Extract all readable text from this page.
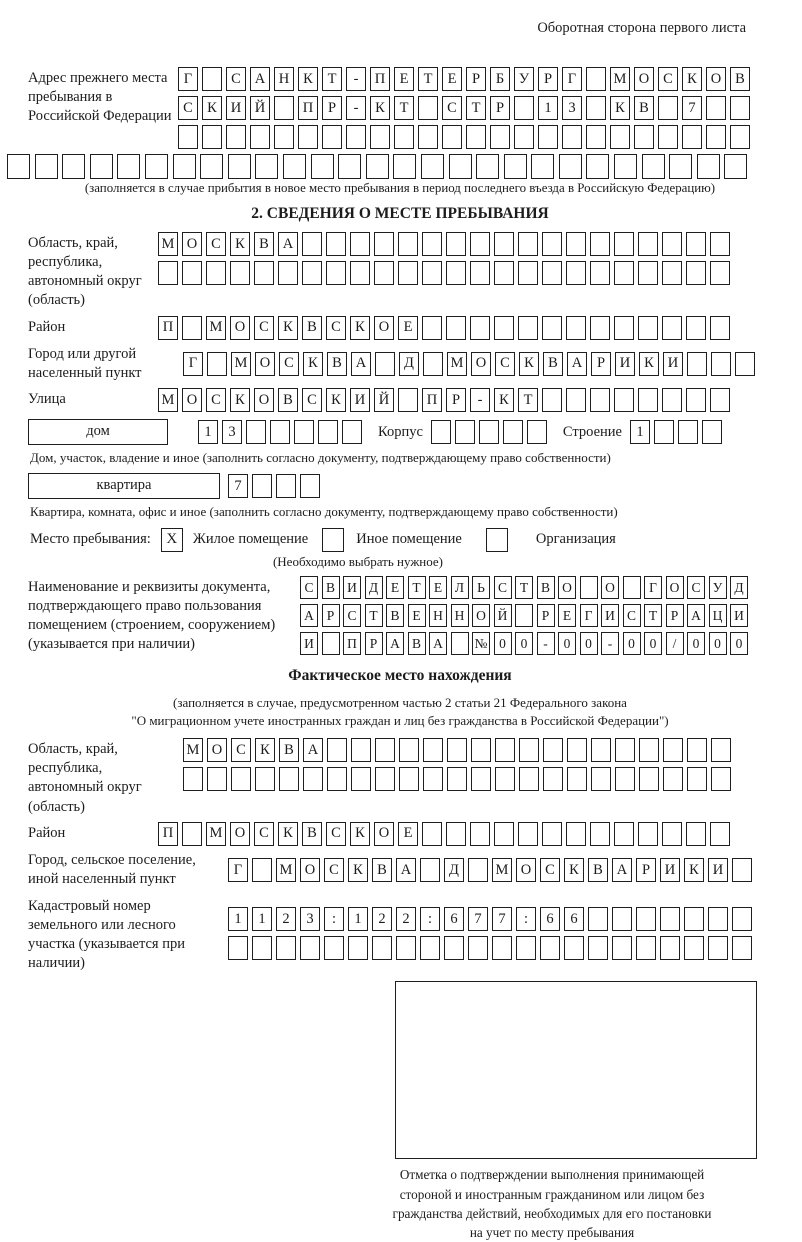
Оборотная сторона первого листа
Адрес прежнего места пребывания в Российской Федерации
Г	С А Н К	Т	-	П Е	Т	Е	Р	Б	У	Р	Г	М О С К О В
С К И Й	П	Р	-	К	Т	С	Т	Р	1	3	К В	7
(заполняется в случае прибытия в новое место пребывания в период последнего въезда в Российскую Федерацию)
2. СВЕДЕНИЯ О МЕСТЕ ПРЕБЫВАНИЯ
Область, край, республика, автономный округ (область)
М О С К В А
Район	П	М О С К В С К О Е
Город или другой населенный пункт
Г	М О С К В А	Д	М О С К В А	Р	И К И
Улица	М О С К О В С К И Й	П	Р	-	К	Т
дом	1	3	Корпус	Строение 1
Дом, участок, владение и иное (заполнить согласно документу, подтверждающему право собственности)
квартира	7
Квартира, комната, офис и иное (заполнить согласно документу, подтверждающему право собственности)
Место пребывания:	X	Жилое помещение	Иное помещение	Организация
(Необходимо выбрать нужное)
Наименование и реквизиты документа, подтверждающего право пользования помещением (строением, сооружением) (указывается при наличии)
С В И Д Е Т Е Л Ь С Т В О	О	Г О С У Д
А Р С Т В Е Н Н О Й	Р	Е Г И С Т	Р А Ц И
И	П Р А В А	№ 0	0	-	0	0	-	0	0	/	0	0	0
Фактическое место нахождения
(заполняется в случае, предусмотренном частью 2 статьи 21 Федерального закона
"О миграционном учете иностранных граждан и лиц без гражданства в Российской Федерации")
Область, край, республика, автономный округ (область)
М О С К В А
Район	П	М О С К В С К О Е
Город, сельское поселение, иной населенный пункт
Г	М О С К В А	Д	М О С К В А	Р	И К И
Кадастровый номер земельного или лесного участка (указывается при наличии)
1	1	2	3	:	1	2	2	:	6	7	7	:	6	6
Отметка о подтверждении выполнения принимающей
стороной и иностранным гражданином или лицом без
гражданства действий, необходимых для его постановки
на учет по месту пребывания
